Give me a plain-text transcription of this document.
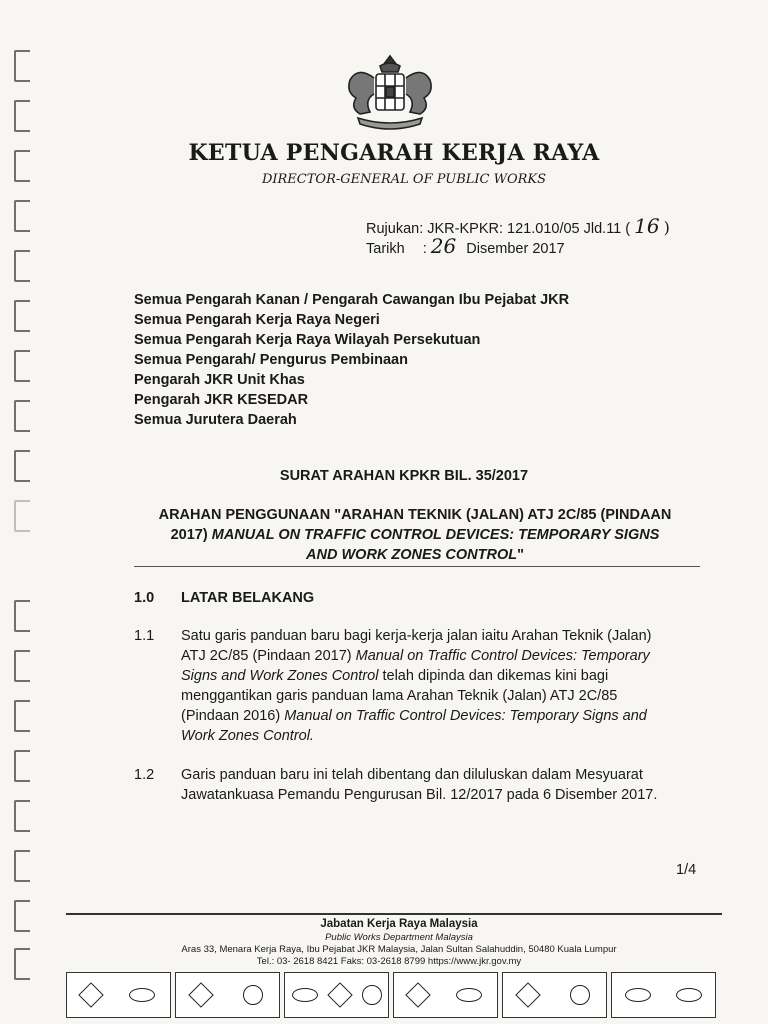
KETUA PENGARAH KERJA RAYA
DIRECTOR-GENERAL OF PUBLIC WORKS
Rujukan: JKR-KPKR: 121.010/05 Jld.11 ( 16 )
Tarikh : 26 Disember 2017
Semua Pengarah Kanan / Pengarah Cawangan Ibu Pejabat JKR
Semua Pengarah Kerja Raya Negeri
Semua Pengarah Kerja Raya Wilayah Persekutuan
Semua Pengarah/ Pengurus Pembinaan
Pengarah JKR Unit Khas
Pengarah JKR KESEDAR
Semua Jurutera Daerah
SURAT ARAHAN KPKR BIL. 35/2017
ARAHAN PENGGUNAAN "ARAHAN TEKNIK (JALAN) ATJ 2C/85 (PINDAAN
2017) MANUAL ON TRAFFIC CONTROL DEVICES: TEMPORARY SIGNS
AND WORK ZONES CONTROL"
1.0 LATAR BELAKANG
1.1 Satu garis panduan baru bagi kerja-kerja jalan iaitu Arahan Teknik (Jalan)
ATJ 2C/85 (Pindaan 2017) Manual on Traffic Control Devices: Temporary
Signs and Work Zones Control telah dipinda dan dikemas kini bagi
menggantikan garis panduan lama Arahan Teknik (Jalan) ATJ 2C/85
(Pindaan 2016) Manual on Traffic Control Devices: Temporary Signs and
Work Zones Control.
1.2 Garis panduan baru ini telah dibentang dan diluluskan dalam Mesyuarat
Jawatankuasa Pemandu Pengurusan Bil. 12/2017 pada 6 Disember 2017.
1/4
Jabatan Kerja Raya Malaysia
Public Works Department Malaysia
Aras 33, Menara Kerja Raya, Ibu Pejabat JKR Malaysia, Jalan Sultan Salahuddin, 50480 Kuala Lumpur
Tel.: 03- 2618 8421 Faks: 03-2618 8799 https://www.jkr.gov.my
